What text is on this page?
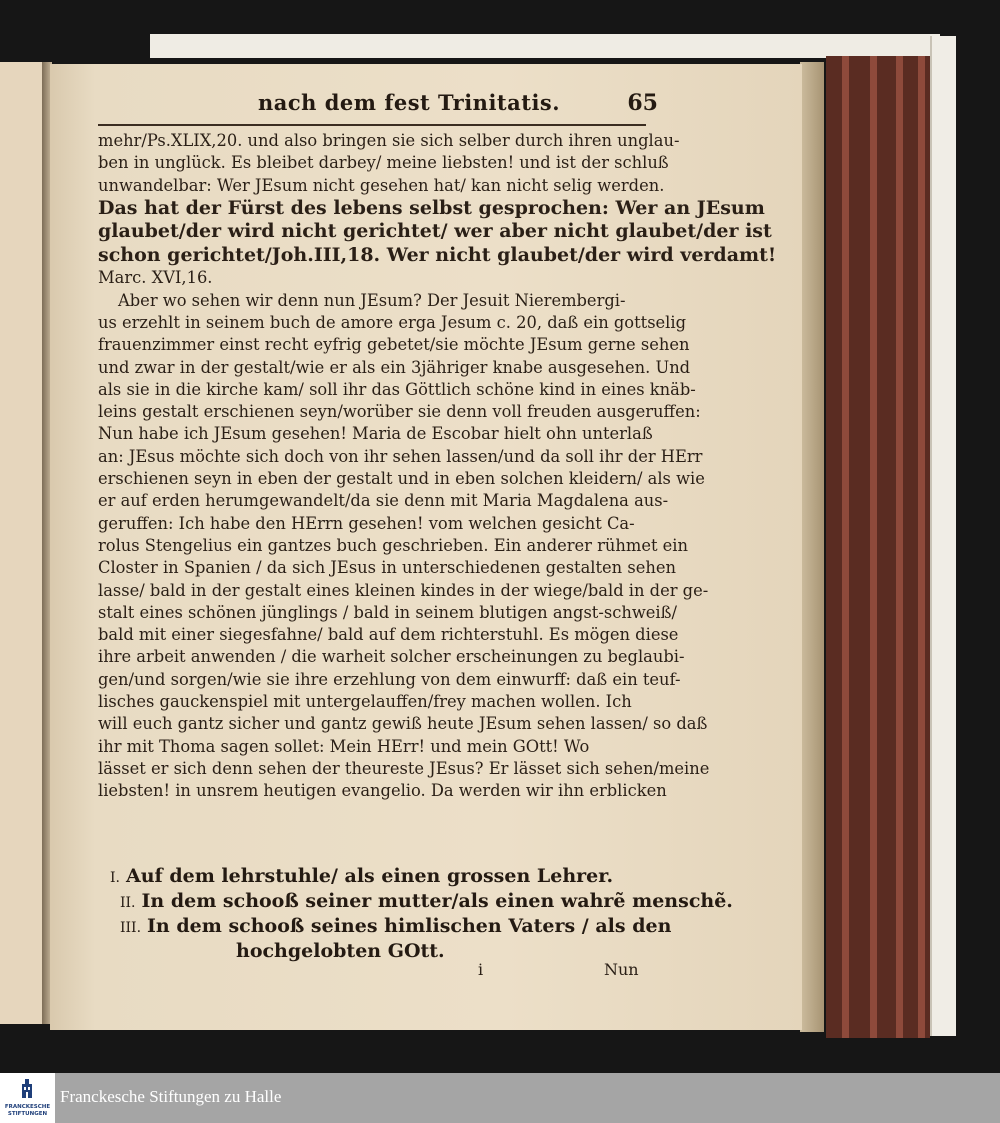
nach dem fest Trinitatis.	65
mehr/Ps.XLIX,20. und also bringen sie sich selber durch ihren unglau-
ben in unglück. Es bleibet darbey/ meine liebsten! und ist der schluß
unwandelbar: Wer JEsum nicht gesehen hat/ kan nicht selig werden.
Das hat der Fürst des lebens selbst gesprochen: Wer an JEsum
glaubet/der wird nicht gerichtet/ wer aber nicht glaubet/der ist
schon gerichtet/Joh.III,18. Wer nicht glaubet/der wird verdamt!
Marc. XVI,16.
Aber wo sehen wir denn nun JEsum? Der Jesuit Nierembergi-
us erzehlt in seinem buch de amore erga Jesum c. 20, daß ein gottselig
frauenzimmer einst recht eyfrig gebetet/sie möchte JEsum gerne sehen
und zwar in der gestalt/wie er als ein 3jähriger knabe ausgesehen. Und
als sie in die kirche kam/ soll ihr das Göttlich schöne kind in eines knäb-
leins gestalt erschienen seyn/worüber sie denn voll freuden ausgeruffen:
Nun habe ich JEsum gesehen! Maria de Escobar hielt ohn unterlaß
an: JEsus möchte sich doch von ihr sehen lassen/und da soll ihr der HErr
erschienen seyn in eben der gestalt und in eben solchen kleidern/ als wie
er auf erden herumgewandelt/da sie denn mit Maria Magdalena aus-
geruffen: Ich habe den HErrn gesehen! vom welchen gesicht Ca-
rolus Stengelius ein gantzes buch geschrieben. Ein anderer rühmet ein
Closter in Spanien / da sich JEsus in unterschiedenen gestalten sehen
lasse/ bald in der gestalt eines kleinen kindes in der wiege/bald in der ge-
stalt eines schönen jünglings / bald in seinem blutigen angst-schweiß/
bald mit einer siegesfahne/ bald auf dem richterstuhl. Es mögen diese
ihre arbeit anwenden / die warheit solcher erscheinungen zu beglaubi-
gen/und sorgen/wie sie ihre erzehlung von dem einwurff: daß ein teuf-
lisches gauckenspiel mit untergelauffen/frey machen wollen. Ich
will euch gantz sicher und gantz gewiß heute JEsum sehen lassen/ so daß
ihr mit Thoma sagen sollet: Mein HErr! und mein GOtt! Wo
lässet er sich denn sehen der theureste JEsus? Er lässet sich sehen/meine
liebsten! in unsrem heutigen evangelio. Da werden wir ihn erblicken
I. Auf dem lehrstuhle/ als einen grossen Lehrer.
II. In dem schooß seiner mutter/als einen wahrẽ menschẽ.
III. In dem schooß seines himlischen Vaters / als den
hochgelobten GOtt.
i	Nun
FRANCKESCHE STIFTUNGEN
Franckesche Stiftungen zu Halle
